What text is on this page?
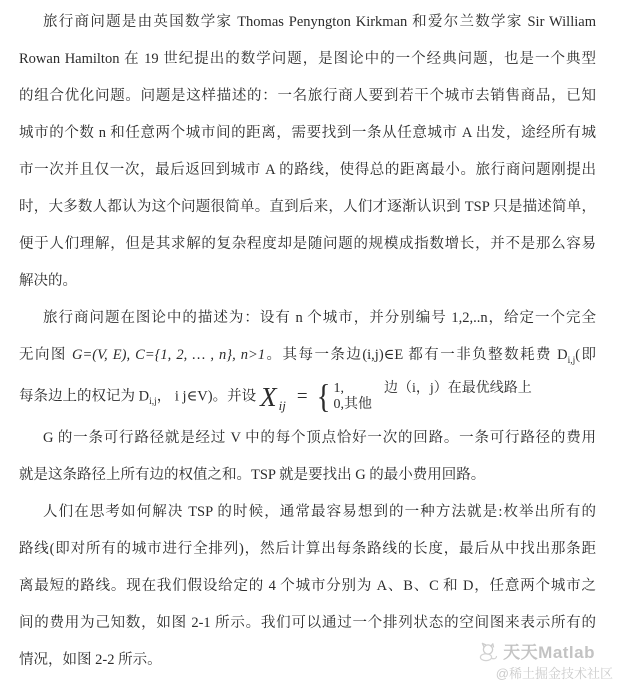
旅行商问题是由英国数学家 Thomas Penyngton Kirkman 和爱尔兰数学家 Sir William
Rowan Hamilton 在 19 世纪提出的数学问题，是图论中的一个经典问题，也是一个典型
的组合优化问题。问题是这样描述的：一名旅行商人要到若干个城市去销售商品，已知
城市的个数 n 和任意两个城市间的距离，需要找到一条从任意城市 A 出发，途经所有城
市一次并且仅一次，最后返回到城市 A 的路线，使得总的距离最小。旅行商问题刚提出
时，大多数人都认为这个问题很简单。直到后来，人们才逐渐认识到 TSP 只是描述简单，
便于人们理解，但是其求解的复杂程度却是随问题的规模成指数增长，并不是那么容易
解决的。
旅行商问题在图论中的描述为：设有 n 个城市，并分别编号 1,2,..n，给定一个完全
无向图 G=(V, E), C={1, 2, … , n}, n>1。其每一条边(i,j)∈E 都有一非负整数耗费 $D_{i,j}$(即
每条边上的权记为 $D_{i,j}$， i j∈V)。并设 X ij = { 1,	边（i，j）在最优线路上
0, 其他
G 的一条可行路径就是经过 V 中的每个顶点恰好一次的回路。一条可行路径的费用
就是这条路径上所有边的权值之和。TSP 就是要找出 G 的最小费用回路。
人们在思考如何解决 TSP 的时候，通常最容易想到的一种方法就是:枚举出所有的
路线(即对所有的城市进行全排列)，然后计算出每条路线的长度，最后从中找出那条距
离最短的路线。现在我们假设给定的 4 个城市分别为 A、B、C 和 D，任意两个城市之
间的费用为己知数，如图 2-1 所示。我们可以通过一个排列状态的空间图来表示所有的
情况，如图 2-2 所示。	天天Matlab
@稀土掘金技术社区
